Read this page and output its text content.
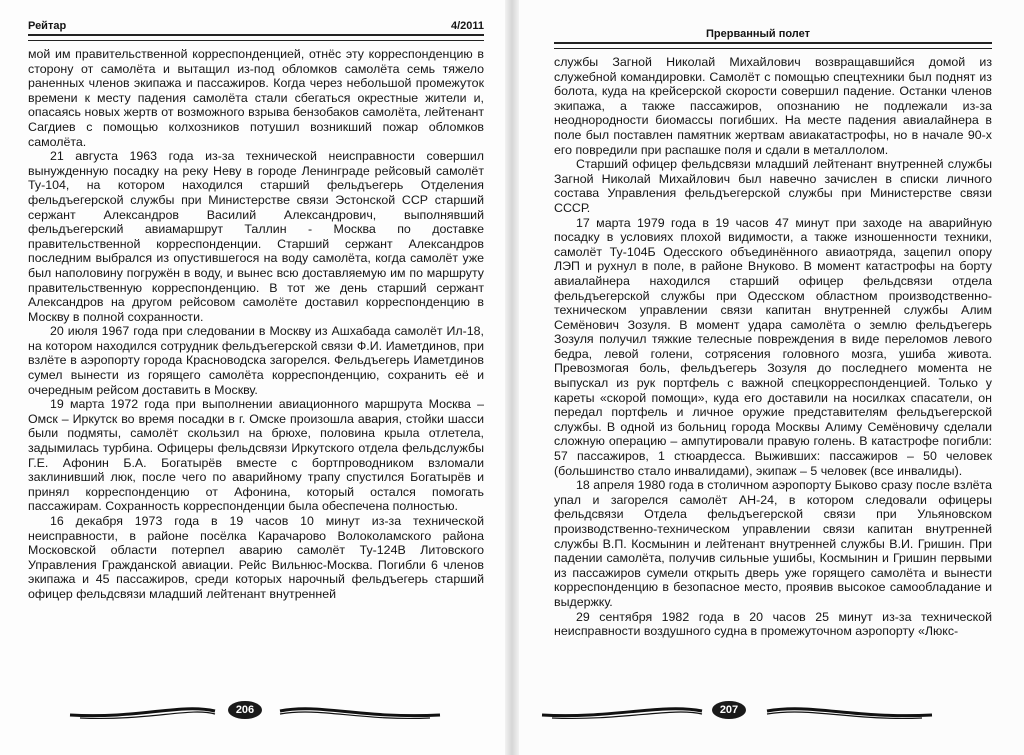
Рейтар	4/2011

мой им правительственной корреспонденцией, отнёс эту корреспонденцию в сторону от самолёта и вытащил из-под обломков самолёта семь тяжело раненных членов экипажа и пассажиров. Когда через небольшой промежуток времени к месту падения самолёта стали сбегаться окрестные жители и, опасаясь новых жертв от возможного взрыва бензобаков самолёта, лейтенант Сагдиев с помощью колхозников потушил возникший пожар обломков самолёта.

21 августа 1963 года из-за технической неисправности совершил вынужденную посадку на реку Неву в городе Ленинграде рейсовый самолёт Ту-104, на котором находился старший фельдъегерь Отделения фельдъегерской службы при Министерстве связи Эстонской ССР старший сержант Александров Василий Александрович, выполнявший фельдъегерский авиамаршрут Таллин - Москва по доставке правительственной корреспонденции. Старший сержант Александров последним выбрался из опустившегося на воду самолёта, когда самолёт уже был наполовину погружён в воду, и вынес всю доставляемую им по маршруту правительственную корреспонденцию. В тот же день старший сержант Александров на другом рейсовом самолёте доставил корреспонденцию в Москву в полной сохранности.

20 июля 1967 года при следовании в Москву из Ашхабада самолёт Ил-18, на котором находился сотрудник фельдъегерской связи Ф.И. Иаметдинов, при взлёте в аэропорту города Красноводска загорелся. Фельдъегерь Иаметдинов сумел вынести из горящего самолёта корреспонденцию, сохранить её и очередным рейсом доставить в Москву.

19 марта 1972 года при выполнении авиационного маршрута Москва – Омск – Иркутск во время посадки в г. Омске произошла авария, стойки шасси были подмяты, самолёт скользил на брюхе, половина крыла отлетела, задымилась турбина. Офицеры фельдсвязи Иркутского отдела фельдслужбы Г.Е. Афонин Б.А. Богатырёв вместе с бортпроводником взломали заклинивший люк, после чего по аварийному трапу спустился Богатырёв и принял корреспонденцию от Афонина, который остался помогать пассажирам. Сохранность корреспонденции была обеспечена полностью.

16 декабря 1973 года в 19 часов 10 минут из-за технической неисправности, в районе посёлка Карачарово Волоколамского района Московской области потерпел аварию самолёт Ту-124В Литовского Управления Гражданской авиации. Рейс Вильнюс-Москва. Погибли 6 членов экипажа и 45 пассажиров, среди которых нарочный фельдъегерь старший офицер фельдсвязи младший лейтенант внутренней

206
Прерванный полет

службы Загной Николай Михайлович возвращавшийся домой из служебной командировки. Самолёт с помощью спецтехники был поднят из болота, куда на крейсерской скорости совершил падение. Останки членов экипажа, а также пассажиров, опознанию не подлежали из-за неоднородности биомассы погибших. На месте падения авиалайнера в поле был поставлен памятник жертвам авиакатастрофы, но в начале 90-х его повредили при распашке поля и сдали в металлолом.

Старший офицер фельдсвязи младший лейтенант внутренней службы Загной Николай Михайлович был навечно зачислен в списки личного состава Управления фельдъегерской службы при Министерстве связи СССР.

17 марта 1979 года в 19 часов 47 минут при заходе на аварийную посадку в условиях плохой видимости, а также изношенности техники, самолёт Ту-104Б Одесского объединённого авиаотряда, зацепил опору ЛЭП и рухнул в поле, в районе Внуково. В момент катастрофы на борту авиалайнера находился старший офицер фельдсвязи отдела фельдъегерской службы при Одесском областном производственно-техническом управлении связи капитан внутренней службы Алим Семёнович Зозуля. В момент удара самолёта о землю фельдъегерь Зозуля получил тяжкие телесные повреждения в виде переломов левого бедра, левой голени, сотрясения головного мозга, ушиба живота. Превозмогая боль, фельдъегерь Зозуля до последнего момента не выпускал из рук портфель с важной спецкорреспонденцией. Только у кареты «скорой помощи», куда его доставили на носилках спасатели, он передал портфель и личное оружие представителям фельдъегерской службы. В одной из больниц города Москвы Алиму Семёновичу сделали сложную операцию – ампутировали правую голень. В катастрофе погибли: 57 пассажиров, 1 стюардесса. Выживших: пассажиров – 50 человек (большинство стало инвалидами), экипаж – 5 человек (все инвалиды).

18 апреля 1980 года в столичном аэропорту Быково сразу после взлёта упал и загорелся самолёт АН-24, в котором следовали офицеры фельдсвязи Отдела фельдъегерской связи при Ульяновском производственно-техническом управлении связи капитан внутренней службы В.П. Космынин и лейтенант внутренней службы В.И. Гришин. При падении самолёта, получив сильные ушибы, Космынин и Гришин первыми из пассажиров сумели открыть дверь уже горящего самолёта и вынести корреспонденцию в безопасное место, проявив высокое самообладание и выдержку.

29 сентября 1982 года в 20 часов 25 минут из-за технической неисправности воздушного судна в промежуточном аэропорту «Люкс-

207
